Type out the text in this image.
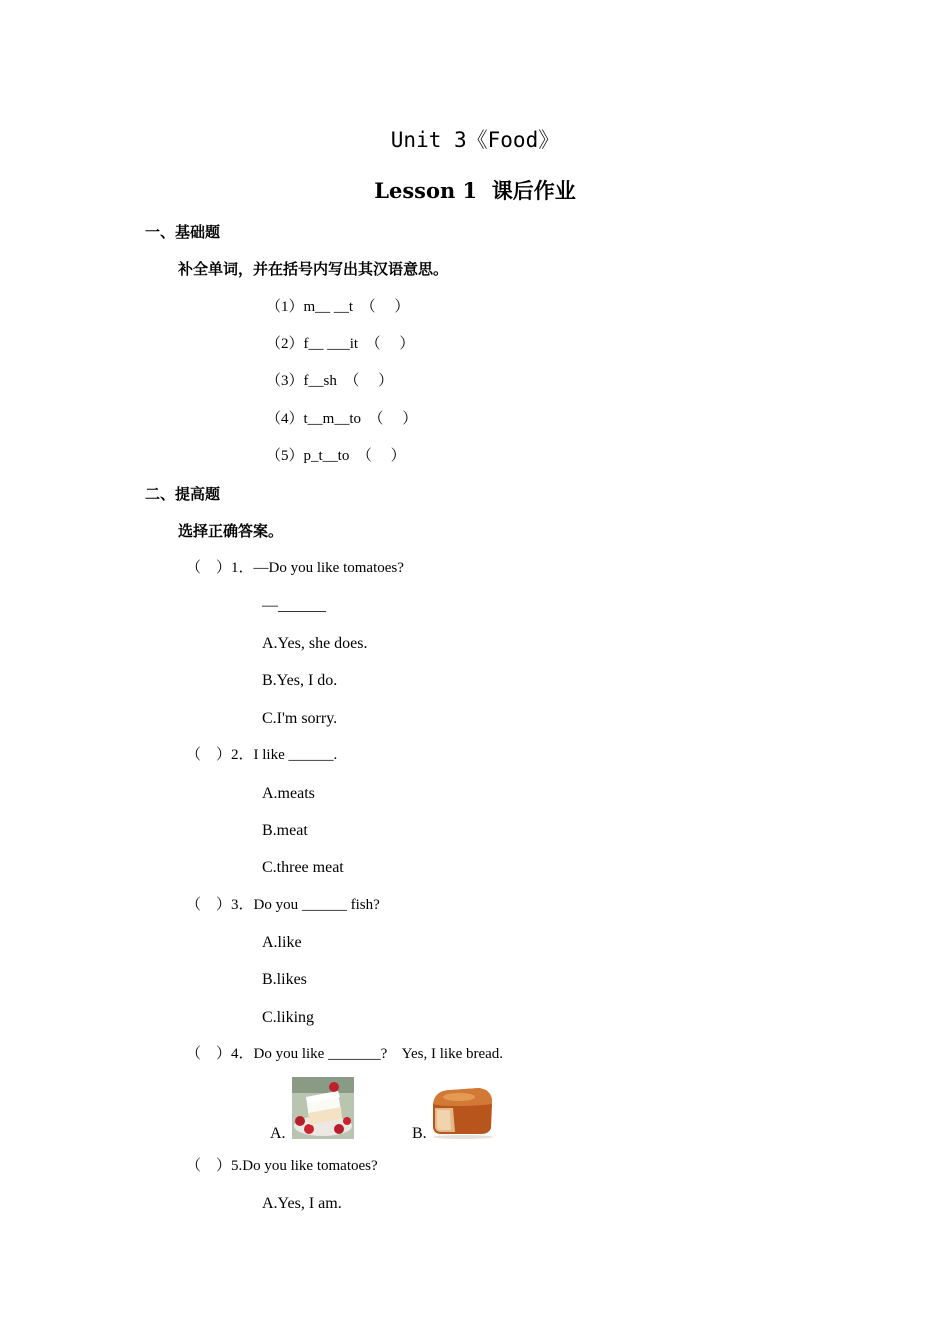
Unit 3《Food》
Lesson 1  课后作业
一、基础题
补全单词，并在括号内写出其汉语意思。
（1）m__ __t  （     ）
（2）f__ ___it  （     ）
（3）f__sh  （     ）
（4）t__m__to  （     ）
（5）p_t__to  （     ）
二、提高题
选择正确答案。
（    ）1．—Do you like tomatoes?
—______
A.Yes, she does.
B.Yes, I do.
C.I'm sorry.
（    ）2．I like ______.
A.meats
B.meat
C.three meat
（    ）3．Do you ______ fish?
A.like
B.likes
C.liking
（    ）4．Do you like _______?    Yes, I like bread.
A.	B.
（    ）5.Do you like tomatoes?
A.Yes, I am.
